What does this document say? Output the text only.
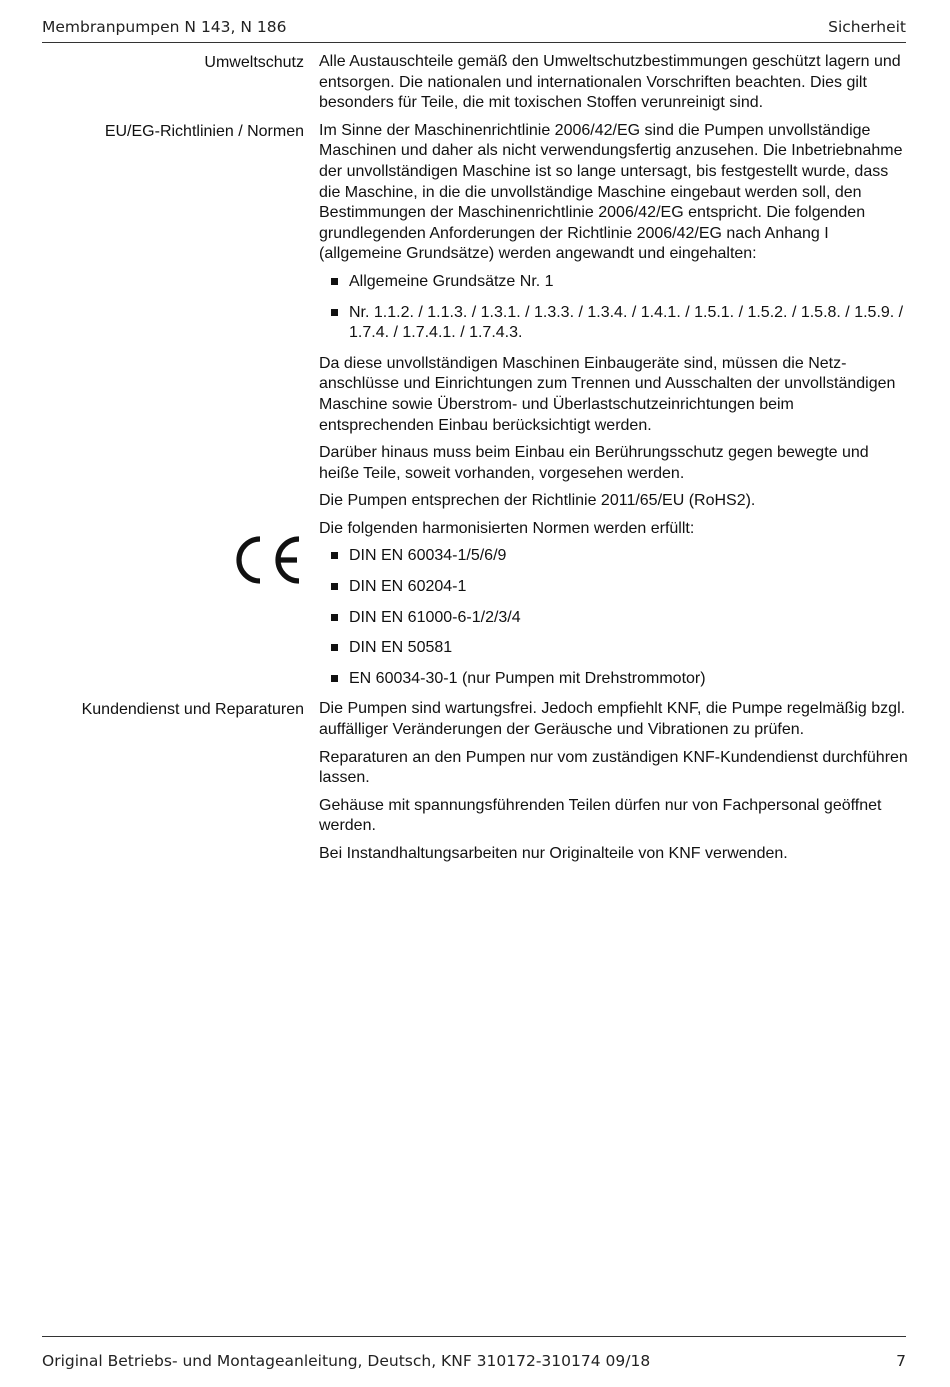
Membranpumpen N 143, N 186	Sicherheit
Umweltschutz Alle Austauschteile gemäß den Umweltschutzbestimmungen geschützt lagern und entsorgen. Die nationalen und internationalen Vorschriften beachten. Dies gilt besonders für Teile, die mit toxischen Stoffen verunreinigt sind.

EU/EG-Richtlinien / Normen Im Sinne der Maschinenrichtlinie 2006/42/EG sind die Pumpen unvollständige Maschinen und daher als nicht verwendungsfertig anzusehen. Die Inbetriebnahme der unvollständigen Maschine ist so lange untersagt, bis festgestellt wurde, dass die Maschine, in die die unvollständige Maschine eingebaut werden soll, den Bestimmungen der Maschinenrichtlinie 2006/42/EG entspricht. Die folgenden grundlegenden Anforderungen der Richtlinie 2006/42/EG nach Anhang I (allgemeine Grundsätze) werden angewandt und eingehalten:

Allgemeine Grundsätze Nr. 1
Nr. 1.1.2. / 1.1.3. / 1.3.1. / 1.3.3. / 1.3.4. / 1.4.1. / 1.5.1. / 1.5.2. / 1.5.8. / 1.5.9. / 1.7.4. / 1.7.4.1. / 1.7.4.3.

Da diese unvollständigen Maschinen Einbaugeräte sind, müssen die Netzanschlüsse und Einrichtungen zum Trennen und Ausschalten der unvollständigen Maschine sowie Überstrom- und Überlastschutzeinrichtungen beim entsprechenden Einbau berücksichtigt werden.

Darüber hinaus muss beim Einbau ein Berührungsschutz gegen bewegte und heiße Teile, soweit vorhanden, vorgesehen werden.

Die Pumpen entsprechen der Richtlinie 2011/65/EU (RoHS2).

Die folgenden harmonisierten Normen werden erfüllt:

DIN EN 60034-1/5/6/9
DIN EN 60204-1
DIN EN 61000-6-1/2/3/4
DIN EN 50581
EN 60034-30-1 (nur Pumpen mit Drehstrommotor)
Kundendienst und Reparaturen Die Pumpen sind wartungsfrei. Jedoch empfiehlt KNF, die Pumpe regelmäßig bzgl. auffälliger Veränderungen der Geräusche und Vibrationen zu prüfen.

Reparaturen an den Pumpen nur vom zuständigen KNF-Kundendienst durchführen lassen.

Gehäuse mit spannungsführenden Teilen dürfen nur von Fachpersonal geöffnet werden.

Bei Instandhaltungsarbeiten nur Originalteile von KNF verwenden.

Original Betriebs- und Montageanleitung, Deutsch, KNF 310172-310174 09/18	7
